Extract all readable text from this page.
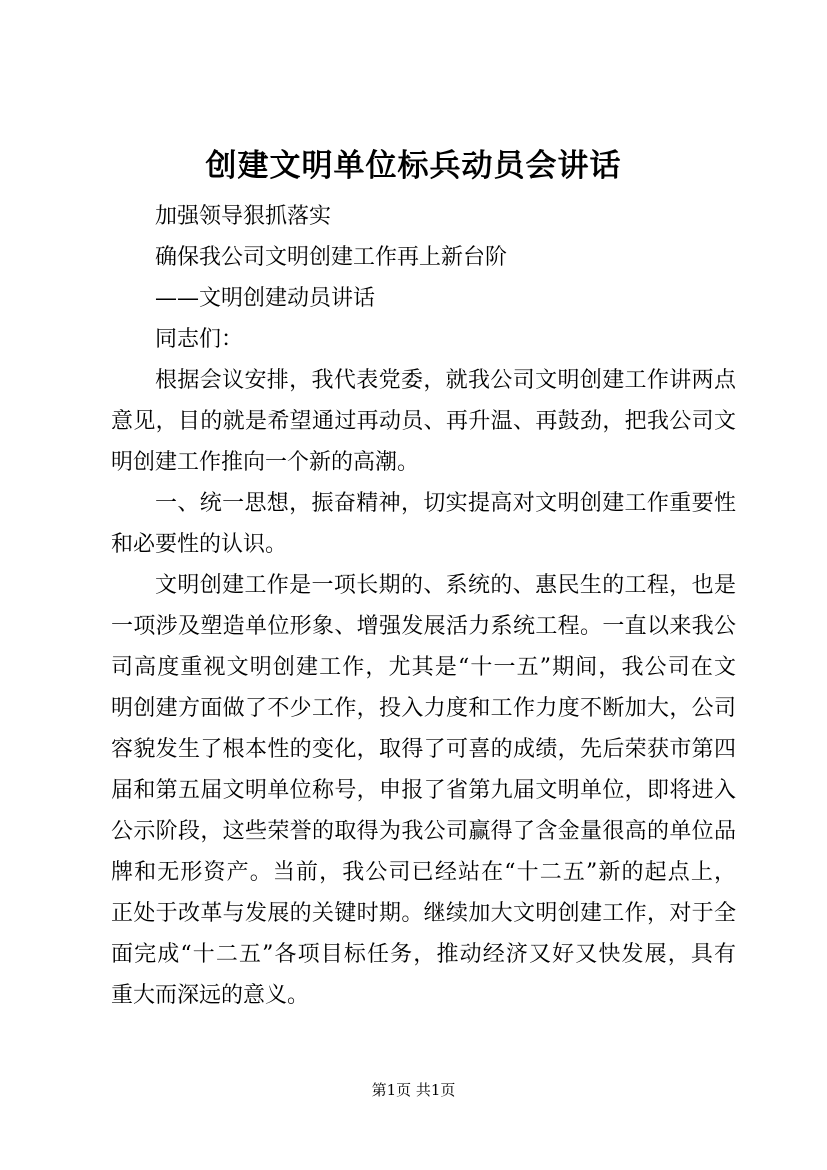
创建文明单位标兵动员会讲话
加强领导狠抓落实
确保我公司文明创建工作再上新台阶
——文明创建动员讲话
同志们：
根据会议安排，我代表党委，就我公司文明创建工作讲两点
意见，目的就是希望通过再动员、再升温、再鼓劲，把我公司文
明创建工作推向一个新的高潮。
一、统一思想，振奋精神，切实提高对文明创建工作重要性
和必要性的认识。
文明创建工作是一项长期的、系统的、惠民生的工程，也是
一项涉及塑造单位形象、增强发展活力系统工程。一直以来我公
司高度重视文明创建工作，尤其是“十一五”期间，我公司在文
明创建方面做了不少工作，投入力度和工作力度不断加大，公司
容貌发生了根本性的变化，取得了可喜的成绩，先后荣获市第四
届和第五届文明单位称号，申报了省第九届文明单位，即将进入
公示阶段，这些荣誉的取得为我公司赢得了含金量很高的单位品
牌和无形资产。当前，我公司已经站在“十二五”新的起点上，
正处于改革与发展的关键时期。继续加大文明创建工作，对于全
面完成“十二五”各项目标任务，推动经济又好又快发展，具有
重大而深远的意义。
第1页 共1页
